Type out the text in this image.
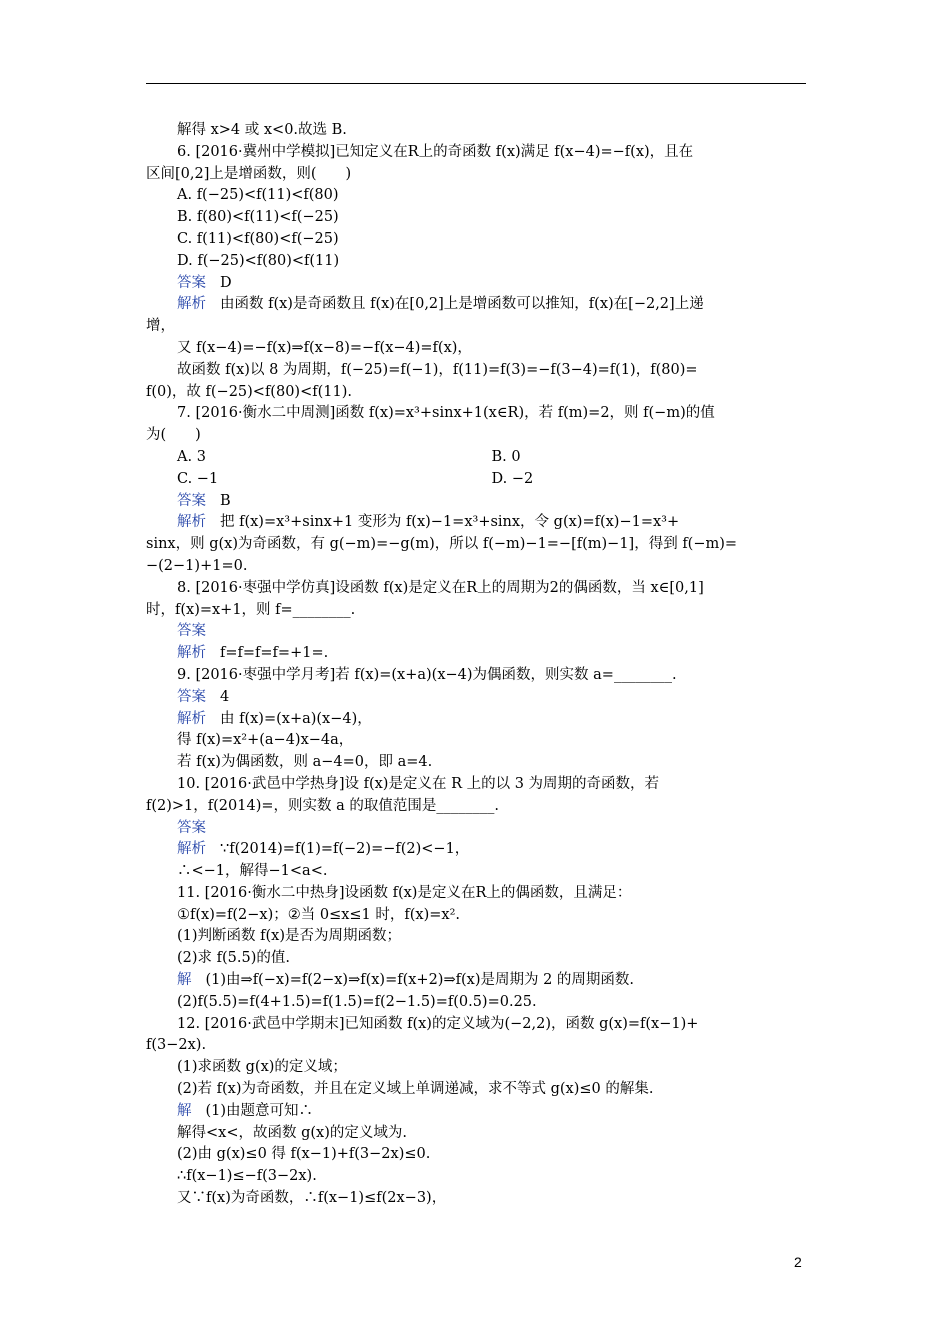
解得 x>4 或 x<0.故选 B.
6. [2016·冀州中学模拟]已知定义在R上的奇函数 f(x)满足 f(x−4)=−f(x)，且在
区间[0,2]上是增函数，则(　　)
A. f(−25)<f(11)<f(80)
B. f(80)<f(11)<f(−25)
C. f(11)<f(80)<f(−25)
D. f(−25)<f(80)<f(11)
答案 D
解析 由函数 f(x)是奇函数且 f(x)在[0,2]上是增函数可以推知，f(x)在[−2,2]上递
增，
又 f(x−4)=−f(x)⇒f(x−8)=−f(x−4)=f(x)，
故函数 f(x)以 8 为周期，f(−25)=f(−1)，f(11)=f(3)=−f(3−4)=f(1)，f(80)=
f(0)，故 f(−25)<f(80)<f(11).
7. [2016·衡水二中周测]函数 f(x)=x³+sinx+1(x∈R)，若 f(m)=2，则 f(−m)的值
为(　　)
A. 3	B. 0
C. −1	D. −2
答案 B
解析 把 f(x)=x³+sinx+1 变形为 f(x)−1=x³+sinx，令 g(x)=f(x)−1=x³+
sinx，则 g(x)为奇函数，有 g(−m)=−g(m)，所以 f(−m)−1=−[f(m)−1]，得到 f(−m)=
−(2−1)+1=0.
8. [2016·枣强中学仿真]设函数 f(x)是定义在R上的周期为2的偶函数，当 x∈[0,1]
时，f(x)=x+1，则 f=________.
答案
解析 f=f=f=f=+1=.
9. [2016·枣强中学月考]若 f(x)=(x+a)(x−4)为偶函数，则实数 a=________.
答案 4
解析 由 f(x)=(x+a)(x−4)，
得 f(x)=x²+(a−4)x−4a，
若 f(x)为偶函数，则 a−4=0，即 a=4.
10. [2016·武邑中学热身]设 f(x)是定义在 R 上的以 3 为周期的奇函数，若
f(2)>1，f(2014)=，则实数 a 的取值范围是________.
答案
解析 ∵f(2014)=f(1)=f(−2)=−f(2)<−1，
∴<−1，解得−1<a<.
11. [2016·衡水二中热身]设函数 f(x)是定义在R上的偶函数，且满足：
①f(x)=f(2−x)；②当 0≤x≤1 时，f(x)=x².
(1)判断函数 f(x)是否为周期函数；
(2)求 f(5.5)的值.
解 (1)由⇒f(−x)=f(2−x)⇒f(x)=f(x+2)⇒f(x)是周期为 2 的周期函数.
(2)f(5.5)=f(4+1.5)=f(1.5)=f(2−1.5)=f(0.5)=0.25.
12. [2016·武邑中学期末]已知函数 f(x)的定义域为(−2,2)，函数 g(x)=f(x−1)+
f(3−2x).
(1)求函数 g(x)的定义域；
(2)若 f(x)为奇函数，并且在定义域上单调递减，求不等式 g(x)≤0 的解集.
解 (1)由题意可知∴
解得<x<，故函数 g(x)的定义域为.
(2)由 g(x)≤0 得 f(x−1)+f(3−2x)≤0.
∴f(x−1)≤−f(3−2x).
又∵f(x)为奇函数，∴f(x−1)≤f(2x−3)，
2
